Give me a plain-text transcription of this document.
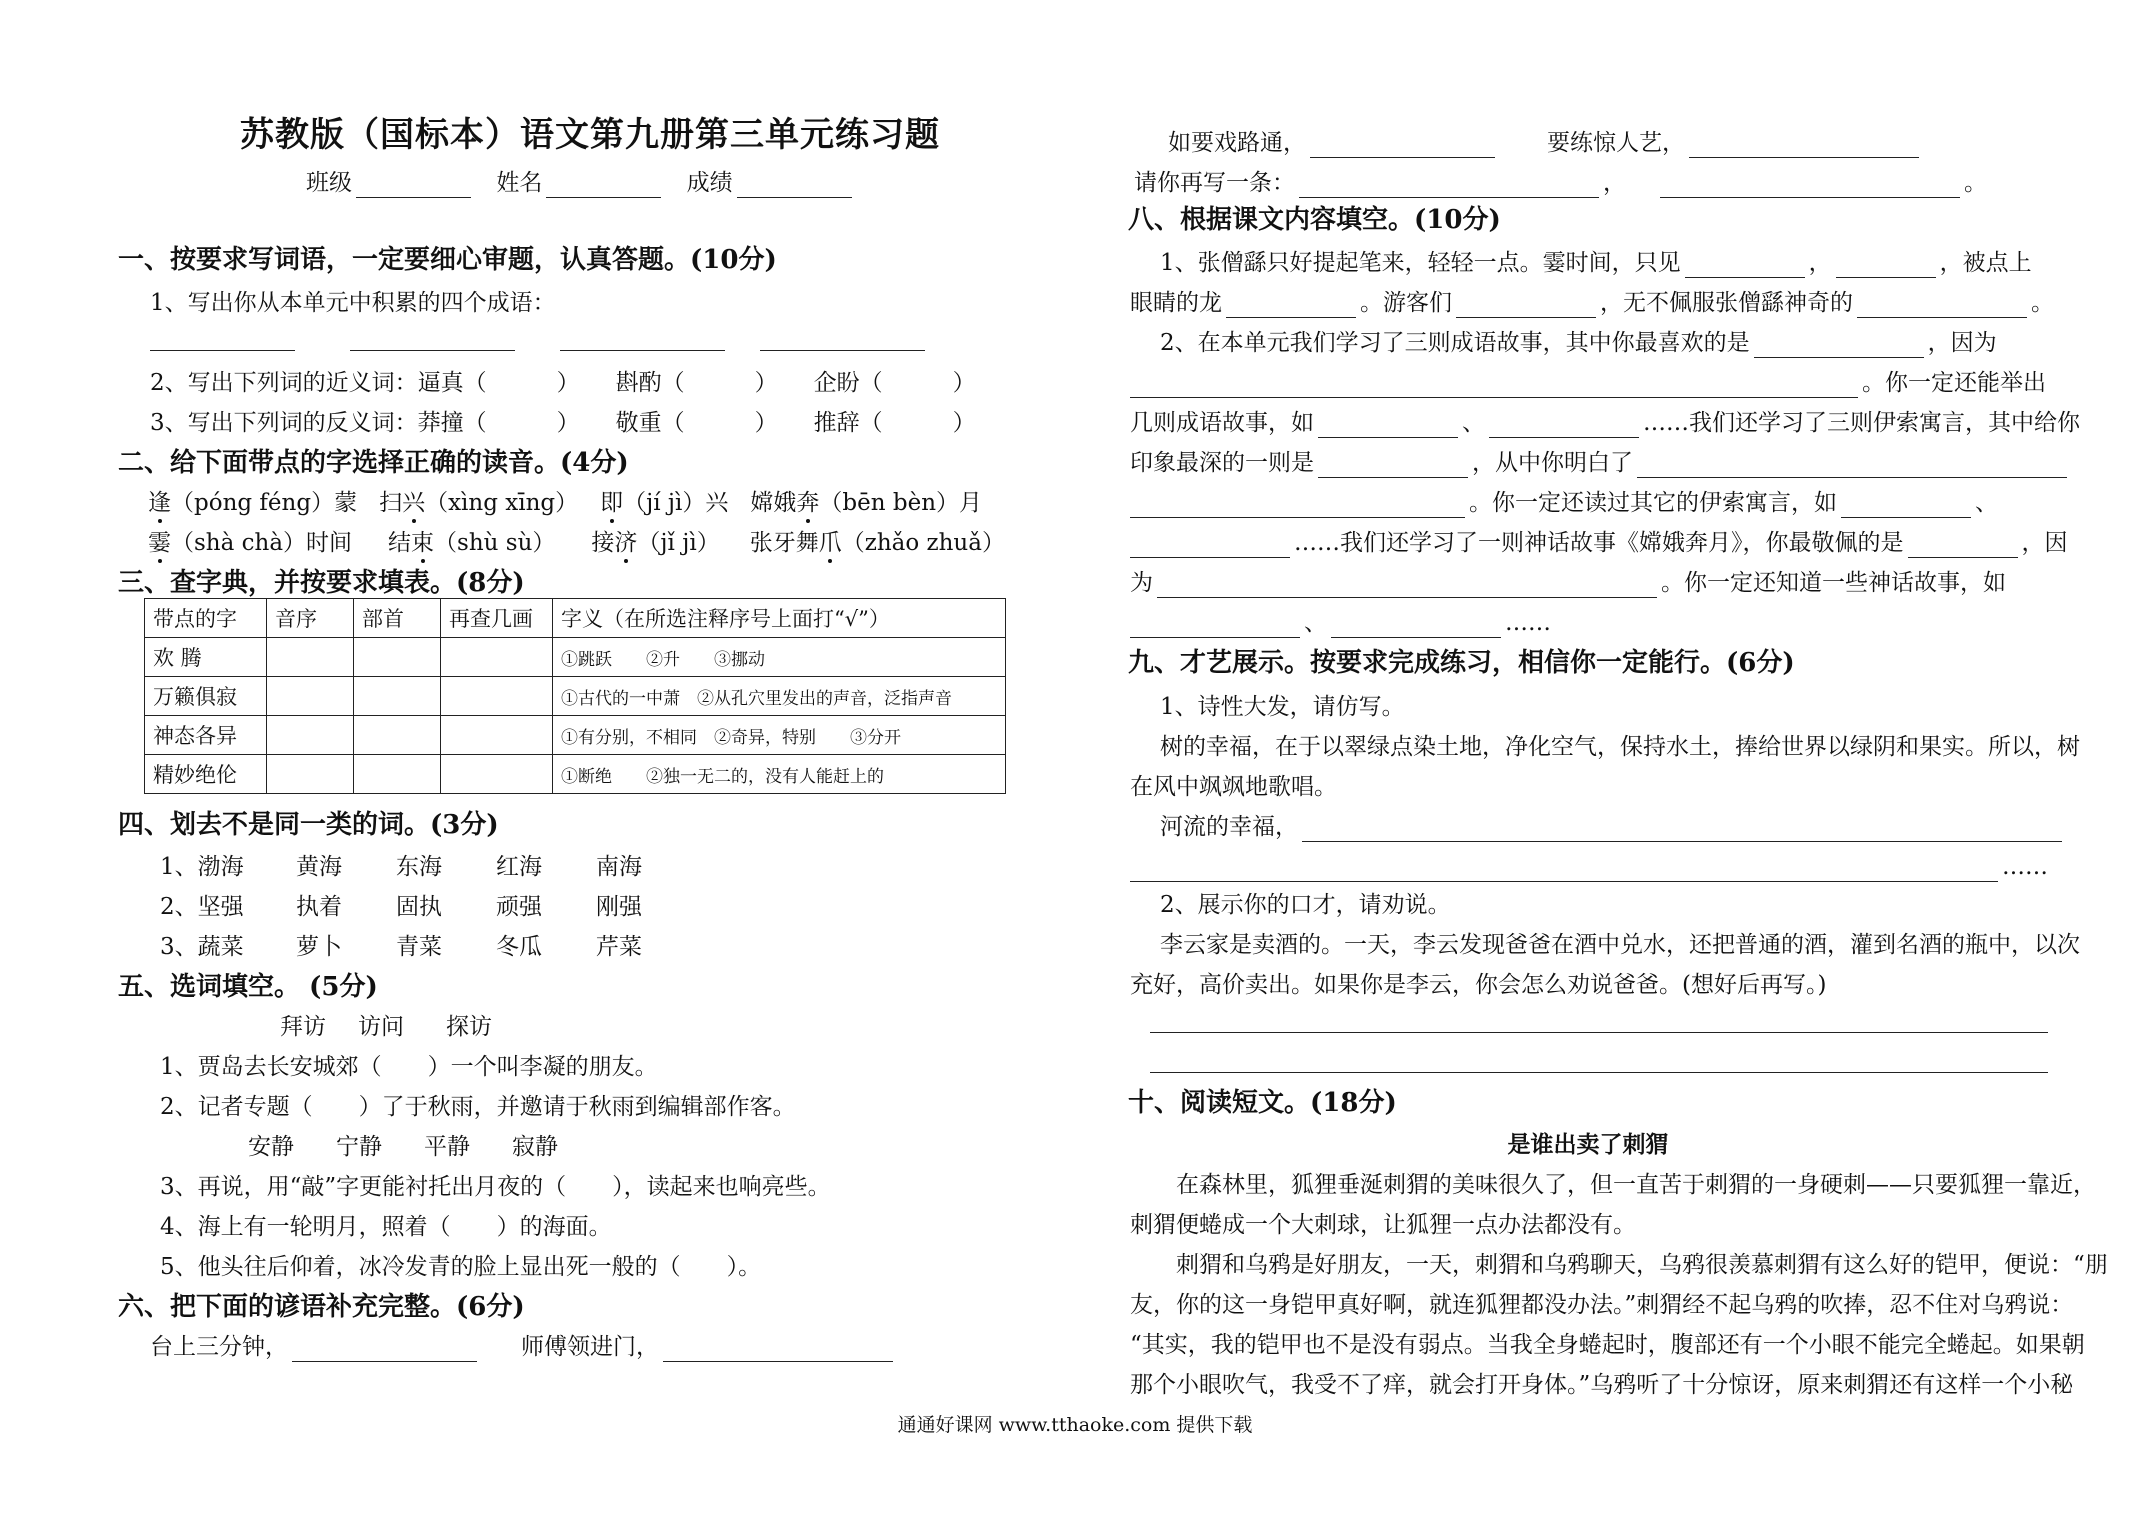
苏教版（国标本）语文第九册第三单元练习题
班级	姓名	成绩
一、按要求写词语，一定要细心审题，认真答题。(10分)
1、写出你从本单元中积累的四个成语：
2、写出下列词的近义词：逼真（	） 斟酌（	） 企盼（	）
3、写出下列词的反义词：莽撞（	） 敬重（	） 推辞（	）
二、给下面带点的字选择正确的读音。(4分)
逢（póng féng）蒙 扫兴（xìng xīng） 即（jí jì）兴 嫦娥奔（bēn bèn）月
霎（shà chà）时间 结束（shù sù） 接济（jǐ jì） 张牙舞爪（zhǎo zhuǎ）
三、查字典，并按要求填表。(8分)
带点的字	音序	部首	再查几画	字义（在所选注释序号上面打“√”）
欢 腾				①跳跃　　②升　　③挪动
万籁俱寂				①古代的一中萧　②从孔穴里发出的声音，泛指声音
神态各异				①有分别，不相同　②奇异，特别　　③分开
精妙绝伦				①断绝　　②独一无二的，没有人能赶上的
四、划去不是同一类的词。(3分)
1、渤海 黄海 东海 红海 南海
2、坚强 执着 固执 顽强 刚强
3、蔬菜 萝卜 青菜 冬瓜 芹菜
五、选词填空。 (5分)
拜访 访问 探访
1、贾岛去长安城郊（　　）一个叫李凝的朋友。
2、记者专题（　　）了于秋雨，并邀请于秋雨到编辑部作客。
安静 宁静 平静 寂静
3、再说，用“敲”字更能衬托出月夜的（　　），读起来也响亮些。
4、海上有一轮明月，照着（　　）的海面。
5、他头往后仰着，冰冷发青的脸上显出死一般的（　　）。
六、把下面的谚语补充完整。(6分)
台上三分钟，	师傅领进门，
如要戏路通，	要练惊人艺，
请你再写一条：	，	。
八、根据课文内容填空。(10分)
1、张僧繇只好提起笔来，轻轻一点。霎时间，只见	，	，被点上
眼睛的龙	。游客们	，无不佩服张僧繇神奇的	。
2、在本单元我们学习了三则成语故事，其中你最喜欢的是	，因为
。你一定还能举出
几则成语故事，如	、	……我们还学习了三则伊索寓言，其中给你
印象最深的一则是	，从中你明白了
。你一定还读过其它的伊索寓言，如	、
……我们还学习了一则神话故事《嫦娥奔月》，你最敬佩的是	，因
为	。你一定还知道一些神话故事，如
、	……
九、才艺展示。按要求完成练习，相信你一定能行。(6分)
1、诗性大发，请仿写。
树的幸福，在于以翠绿点染土地，净化空气，保持水土，捧给世界以绿阴和果实。所以，树
在风中飒飒地歌唱。
河流的幸福，
……
2、展示你的口才，请劝说。
李云家是卖酒的。一天，李云发现爸爸在酒中兑水，还把普通的酒，灌到名酒的瓶中，以次
充好，高价卖出。如果你是李云，你会怎么劝说爸爸。(想好后再写。)
十、阅读短文。(18分)
是谁出卖了刺猬
在森林里，狐狸垂涎刺猬的美味很久了，但一直苦于刺猬的一身硬刺——只要狐狸一靠近，
刺猬便蜷成一个大刺球，让狐狸一点办法都没有。
刺猬和乌鸦是好朋友，一天，刺猬和乌鸦聊天，乌鸦很羡慕刺猬有这么好的铠甲，便说：“朋
友，你的这一身铠甲真好啊，就连狐狸都没办法。”刺猬经不起乌鸦的吹捧，忍不住对乌鸦说：
“其实，我的铠甲也不是没有弱点。当我全身蜷起时，腹部还有一个小眼不能完全蜷起。如果朝
那个小眼吹气，我受不了痒，就会打开身体。”乌鸦听了十分惊讶，原来刺猬还有这样一个小秘
通通好课网 www.tthaoke.com 提供下载
